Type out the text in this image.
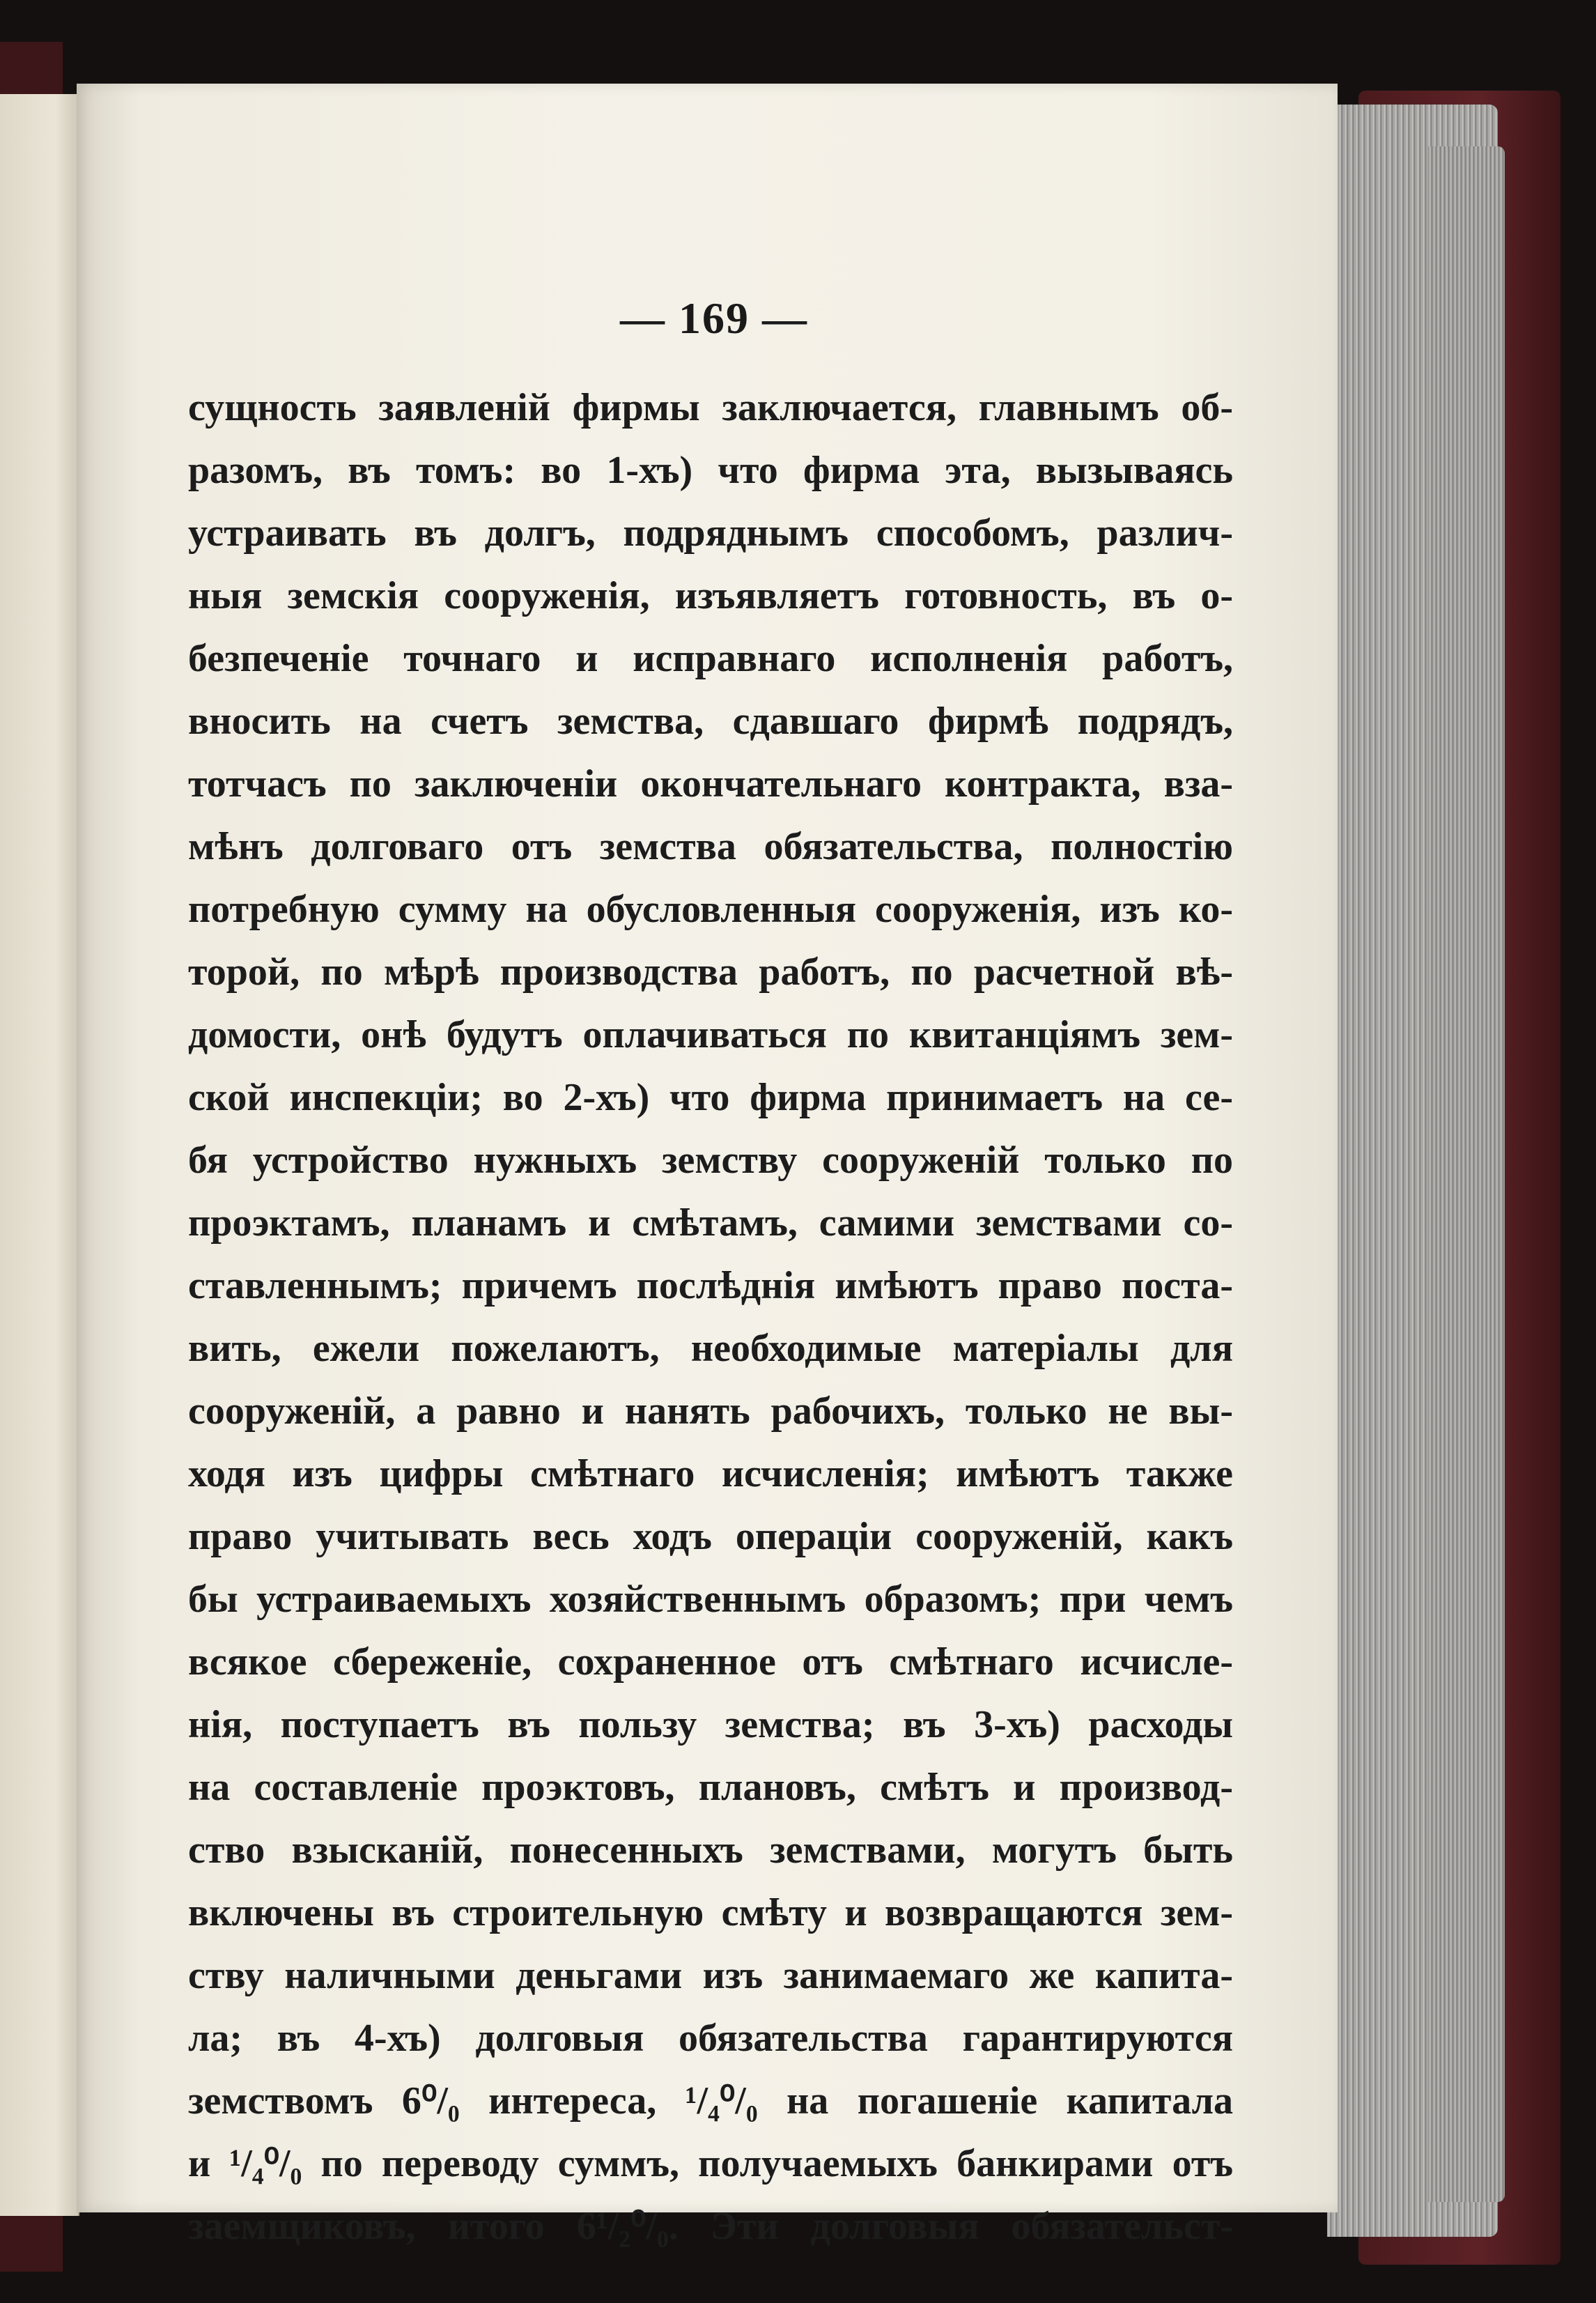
— 169 —
сущность заявленій фирмы заключается, главнымъ об-
разомъ, въ томъ: во 1-хъ) что фирма эта, вызываясь
устраивать въ долгъ, подряднымъ способомъ, различ-
ныя земскія сооруженія, изъявляетъ готовность, въ о-
безпеченіе точнаго и исправнаго исполненія работъ,
вносить на счетъ земства, сдавшаго фирмѣ подрядъ,
тотчасъ по заключеніи окончательнаго контракта, вза-
мѣнъ долговаго отъ земства обязательства, полностію
потребную сумму на обусловленныя сооруженія, изъ ко-
торой, по мѣрѣ производства работъ, по расчетной вѣ-
домости, онѣ будутъ оплачиваться по квитанціямъ зем-
ской инспекціи; во 2-хъ) что фирма принимаетъ на се-
бя устройство нужныхъ земству сооруженій только по
проэктамъ, планамъ и смѣтамъ, самими земствами со-
ставленнымъ; причемъ послѣднія имѣютъ право поста-
вить, ежели пожелаютъ, необходимые матеріалы для
сооруженій, а равно и нанять рабочихъ, только не вы-
ходя изъ цифры смѣтнаго исчисленія; имѣютъ также
право учитывать весь ходъ операціи сооруженій, какъ
бы устраиваемыхъ хозяйственнымъ образомъ; при чемъ
всякое сбереженіе, сохраненное отъ смѣтнаго исчисле-
нія, поступаетъ въ пользу земства; въ 3-хъ) расходы
на составленіе проэктовъ, плановъ, смѣтъ и производ-
ство взысканій, понесенныхъ земствами, могутъ быть
включены въ строительную смѣту и возвращаются зем-
ству наличными деньгами изъ занимаемаго же капита-
ла; въ 4-хъ) долговыя обязательства гарантируются
земствомъ 6⁰/₀ интереса, ¹/₄⁰/₀ на погашеніе капитала
и ¹/₄⁰/₀ по переводу суммъ, получаемыхъ банкирами отъ
заемщиковъ, итого 6¹/₂⁰/₀. Эти долговыя обязательст-
